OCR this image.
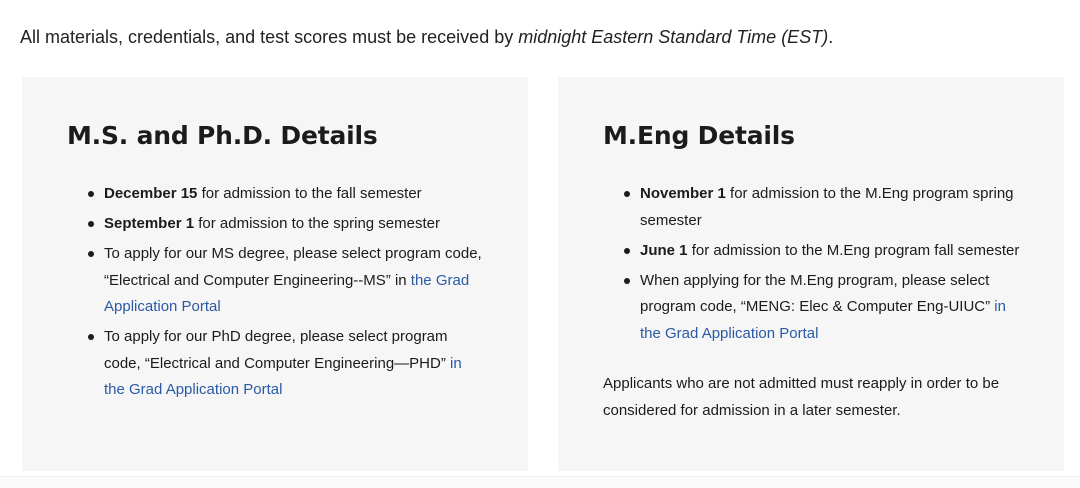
All materials, credentials, and test scores must be received by midnight Eastern Standard Time (EST).

M.S. and Ph.D. Details
December 15 for admission to the fall semester
September 1 for admission to the spring semester
To apply for our MS degree, please select program code, “Electrical and Computer Engineering--MS” in the Grad Application Portal
To apply for our PhD degree, please select program code, “Electrical and Computer Engineering—PHD” in the Grad Application Portal
M.Eng Details
November 1 for admission to the M.Eng program spring semester
June 1 for admission to the M.Eng program fall semester
When applying for the M.Eng program, please select program code, “MENG: Elec & Computer Eng-UIUC” in the Grad Application Portal

Applicants who are not admitted must reapply in order to be considered for admission in a later semester.
